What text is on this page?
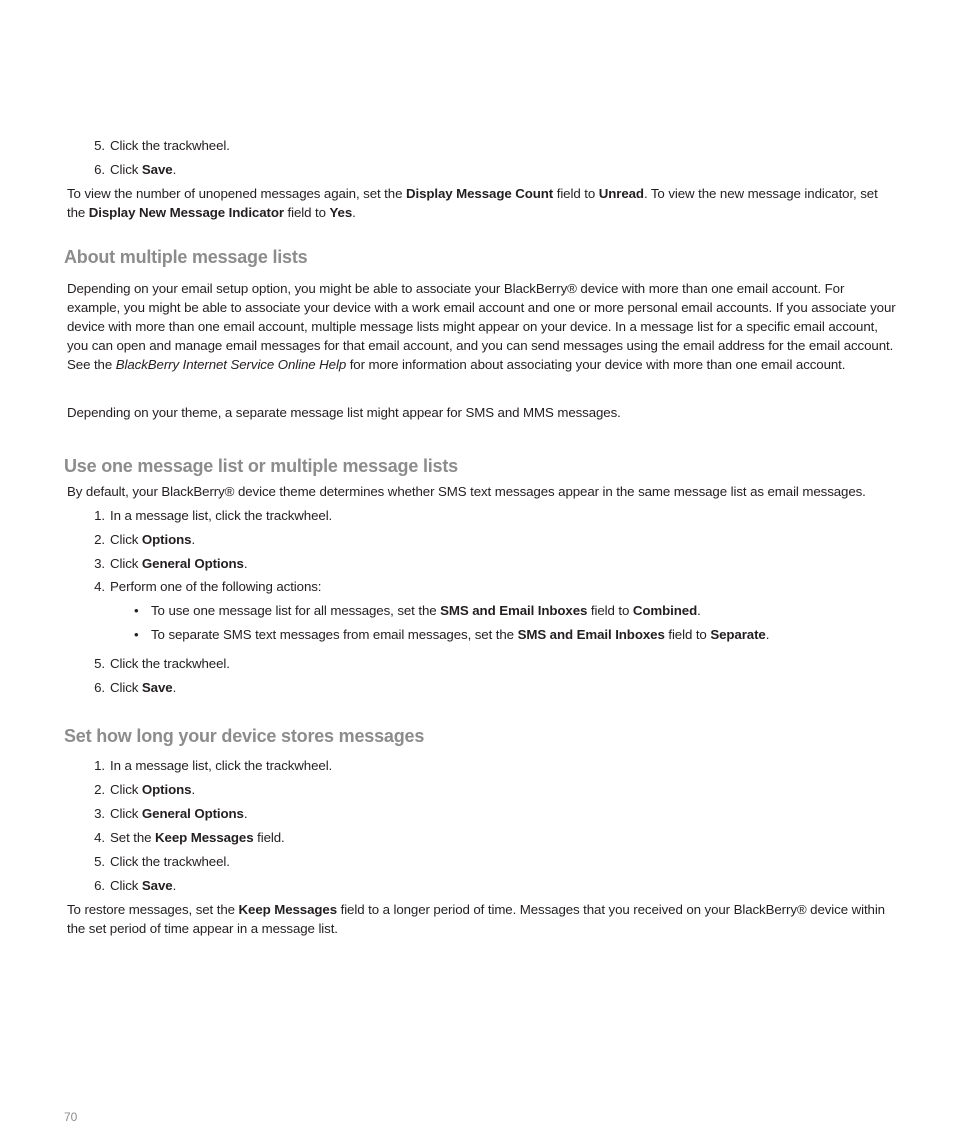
5. Click the trackwheel.
6. Click Save.
To view the number of unopened messages again, set the Display Message Count field to Unread. To view the new message indicator, set the Display New Message Indicator field to Yes.
About multiple message lists
Depending on your email setup option, you might be able to associate your BlackBerry® device with more than one email account. For example, you might be able to associate your device with a work email account and one or more personal email accounts. If you associate your device with more than one email account, multiple message lists might appear on your device. In a message list for a specific email account, you can open and manage email messages for that email account, and you can send messages using the email address for the email account. See the BlackBerry Internet Service Online Help for more information about associating your device with more than one email account.
Depending on your theme, a separate message list might appear for SMS and MMS messages.
Use one message list or multiple message lists
By default, your BlackBerry® device theme determines whether SMS text messages appear in the same message list as email messages.
1. In a message list, click the trackwheel.
2. Click Options.
3. Click General Options.
4. Perform one of the following actions:
• To use one message list for all messages, set the SMS and Email Inboxes field to Combined.
• To separate SMS text messages from email messages, set the SMS and Email Inboxes field to Separate.
5. Click the trackwheel.
6. Click Save.
Set how long your device stores messages
1. In a message list, click the trackwheel.
2. Click Options.
3. Click General Options.
4. Set the Keep Messages field.
5. Click the trackwheel.
6. Click Save.
To restore messages, set the Keep Messages field to a longer period of time. Messages that you received on your BlackBerry® device within the set period of time appear in a message list.
70
